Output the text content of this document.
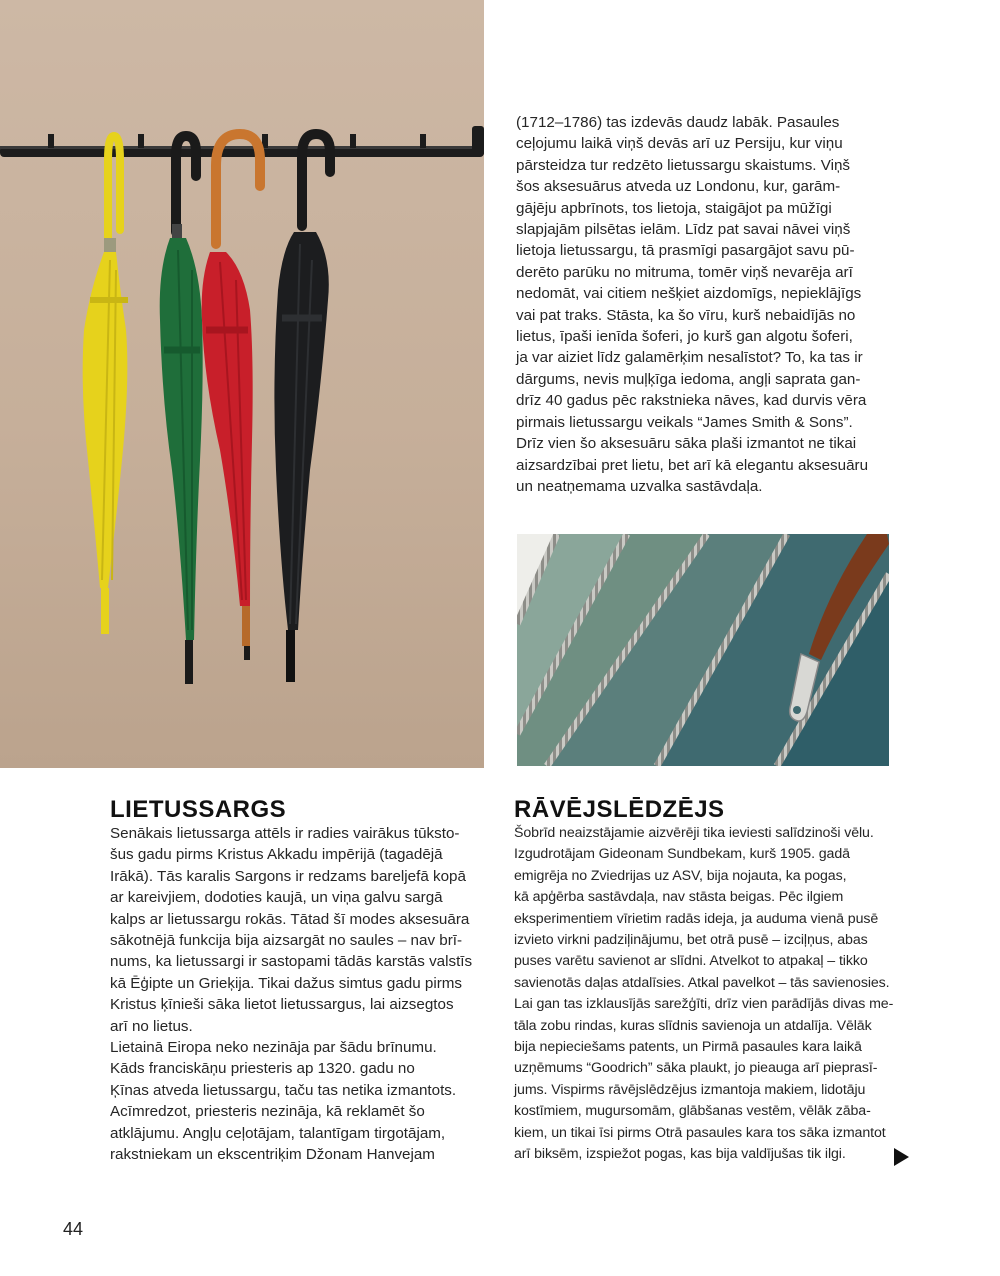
(1712–1786) tas izdevās daudz labāk. Pasaules
ceļojumu laikā viņš devās arī uz Persiju, kur viņu
pārsteidza tur redzēto lietussargu skaistums. Viņš
šos aksesuārus atveda uz Londonu, kur, garām-
gājēju apbrīnots, tos lietoja, staigājot pa mūžīgi
slapjajām pilsētas ielām. Līdz pat savai nāvei viņš
lietoja lietussargu, tā prasmīgi pasargājot savu pū-
derēto parūku no mitruma, tomēr viņš nevarēja arī
nedomāt, vai citiem nešķiet aizdomīgs, nepieklājīgs
vai pat traks. Stāsta, ka šo vīru, kurš nebaidījās no
lietus, īpaši ienīda šoferi, jo kurš gan algotu šoferi,
ja var aiziet līdz galamērķim nesalīstot? To, ka tas ir
dārgums, nevis muļķīga iedoma, angļi saprata gan-
drīz 40 gadus pēc rakstnieka nāves, kad durvis vēra
pirmais lietussargu veikals “James Smith & Sons”.
Drīz vien šo aksesuāru sāka plaši izmantot ne tikai
aizsardzībai pret lietu, bet arī kā elegantu aksesuāru
un neatņemama uzvalka sastāvdaļa.
LIETUSSARGS
Senākais lietussarga attēls ir radies vairākus tūksto-
šus gadu pirms Kristus Akkadu impērijā (tagadējā
Irākā). Tās karalis Sargons ir redzams bareljefā kopā
ar kareivjiem, dodoties kaujā, un viņa galvu sargā
kalps ar lietussargu rokās. Tātad šī modes aksesuāra
sākotnējā funkcija bija aizsargāt no saules – nav brī-
nums, ka lietussargi ir sastopami tādās karstās valstīs
kā Ēģipte un Grieķija. Tikai dažus simtus gadu pirms
Kristus ķīnieši sāka lietot lietussargus, lai aizsegtos
arī no lietus.
Lietainā Eiropa neko nezināja par šādu brīnumu.
Kāds franciskāņu priesteris ap 1320. gadu no
Ķīnas atveda lietussargu, taču tas netika izmantots.
Acīmredzot, priesteris nezināja, kā reklamēt šo
atklājumu. Angļu ceļotājam, talantīgam tirgotājam,
rakstniekam un ekscentriķim Džonam Hanvejam
RĀVĒJSLĒDZĒJS
Šobrīd neaizstājamie aizvērēji tika ieviesti salīdzinoši vēlu.
Izgudrotājam Gideonam Sundbekam, kurš 1905. gadā
emigrēja no Zviedrijas uz ASV, bija nojauta, ka pogas,
kā apģērba sastāvdaļa, nav stāsta beigas. Pēc ilgiem
eksperimentiem vīrietim radās ideja, ja auduma vienā pusē
izvieto virkni padziļinājumu, bet otrā pusē – izciļņus, abas
puses varētu savienot ar slīdni. Atvelkot to atpakaļ – tikko
savienotās daļas atdalīsies. Atkal pavelkot – tās savienosies.
Lai gan tas izklausījās sarežģīti, drīz vien parādījās divas me-
tāla zobu rindas, kuras slīdnis savienoja un atdalīja. Vēlāk
bija nepieciešams patents, un Pirmā pasaules kara laikā
uzņēmums “Goodrich” sāka plaukt, jo pieauga arī pieprasī-
jums. Vispirms rāvējslēdzējus izmantoja makiem, lidotāju
kostīmiem, mugursomām, glābšanas vestēm, vēlāk zāba-
kiem, un tikai īsi pirms Otrā pasaules kara tos sāka izmantot
arī biksēm, izspiežot pogas, kas bija valdījušas tik ilgi.
44
